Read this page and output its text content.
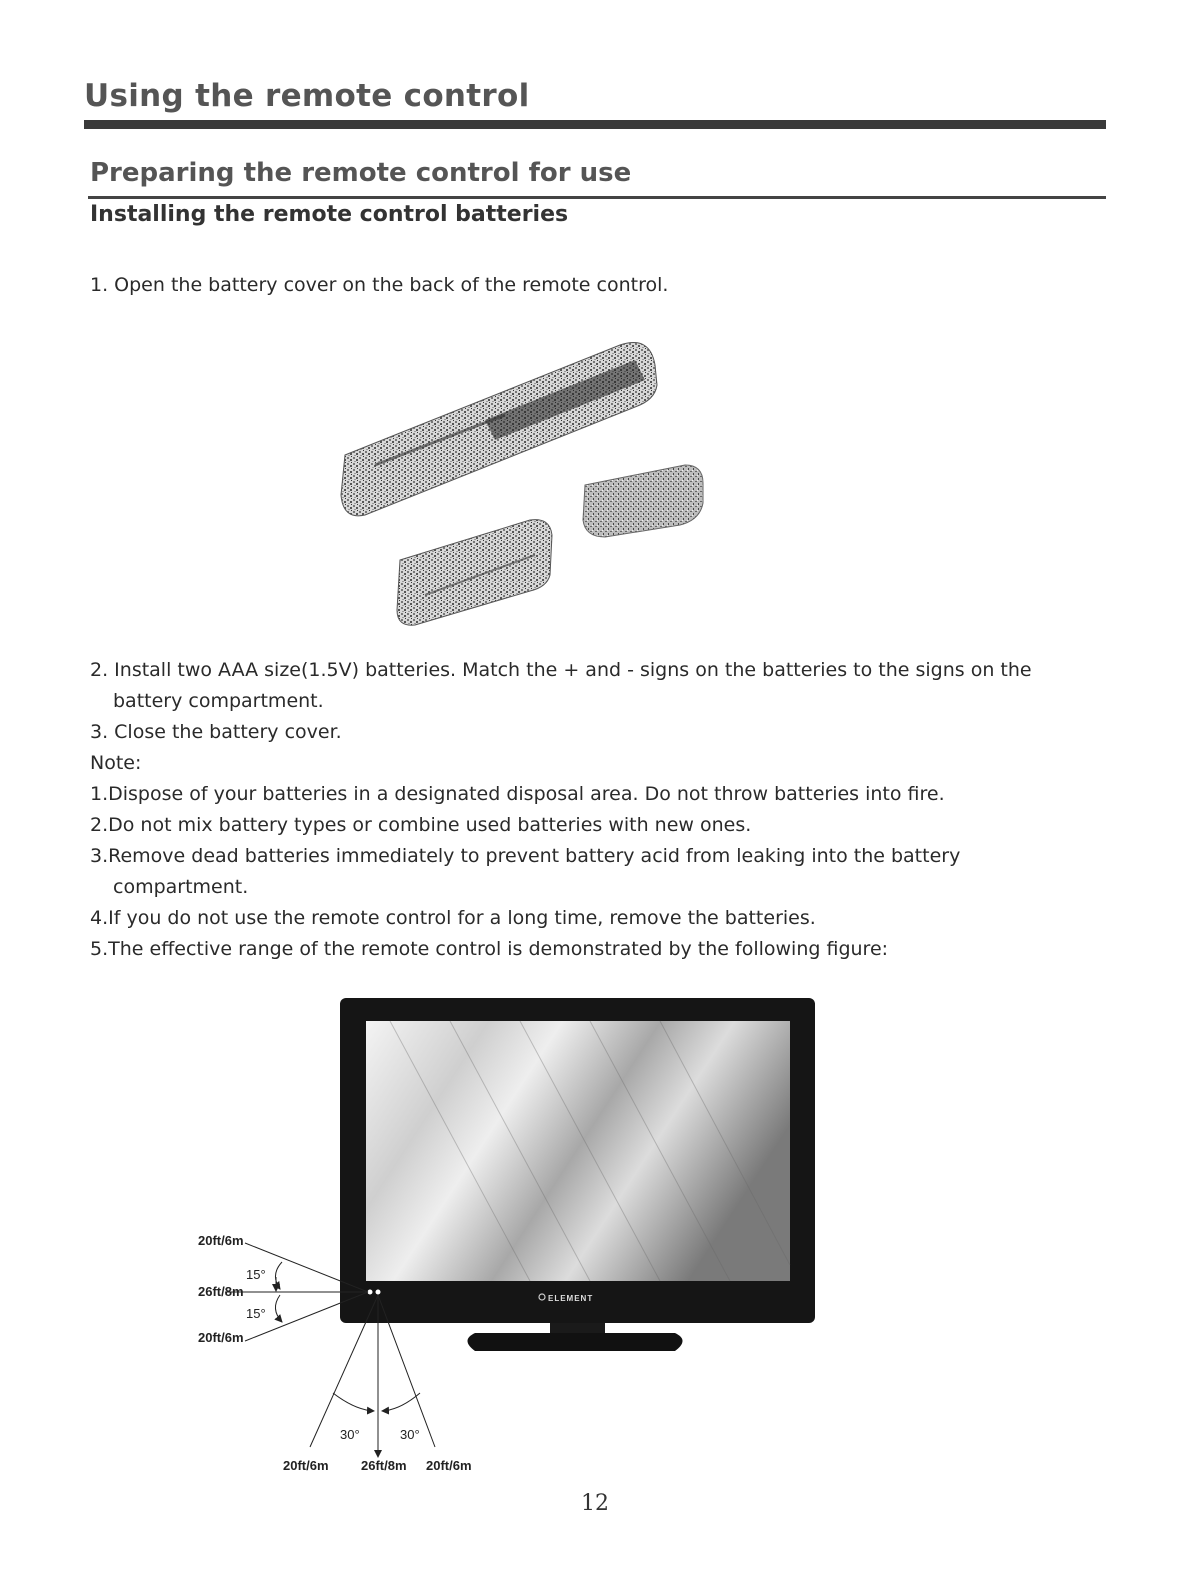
Using the remote control
Preparing the remote control for use
Installing the remote control batteries

1. Open the battery cover on the back of the remote control.

2. Install two AAA size(1.5V) batteries. Match the + and - signs on the batteries to the signs on the

battery compartment.

3. Close the battery cover.

Note:

1.Dispose of your batteries in a designated disposal area. Do not throw batteries into fire.

2.Do not mix battery types or combine used batteries with new ones.

3.Remove dead batteries immediately to prevent battery acid from leaking into the battery

compartment.

4.If you do not use the remote control for a long time, remove the batteries.

5.The effective range of the remote control is demonstrated by the following figure:

ELEMENT
20ft/6m
26ft/8m
20ft/6m
15°
15°
30°	30°
20ft/6m 26ft/8m 20ft/6m
12
